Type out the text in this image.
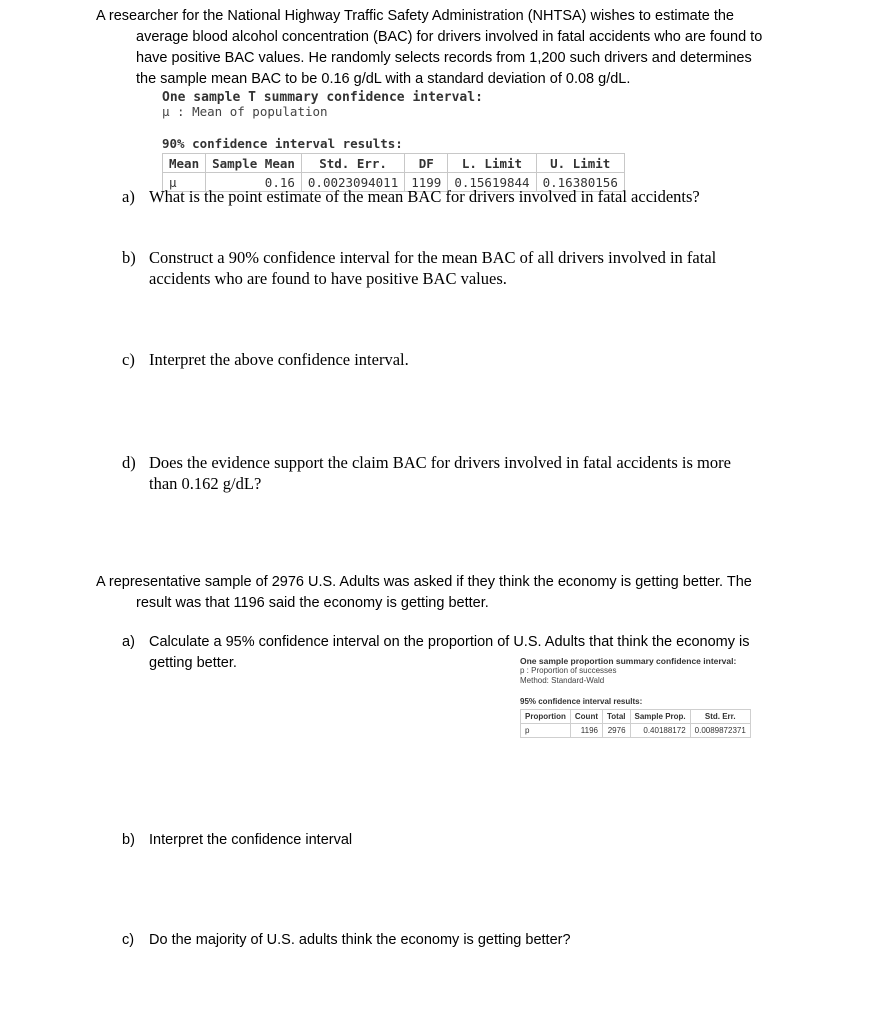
A researcher for the National Highway Traffic Safety Administration (NHTSA) wishes to estimate the

average blood alcohol concentration (BAC) for drivers involved in fatal accidents who are found to

have positive BAC values. He randomly selects records from 1,200 such drivers and determines

the sample mean BAC to be 0.16 g/dL with a standard deviation of 0.08 g/dL.

One sample T summary confidence interval:
μ : Mean of population
90% confidence interval results:
Mean	Sample Mean	Std. Err.	DF	L. Limit	U. Limit
μ	0.16	0.0023094011	1199	0.15619844	0.16380156
a) What is the point estimate of the mean BAC for drivers involved in fatal accidents?
b) Construct a 90% confidence interval for the mean BAC of all drivers involved in fatal
accidents who are found to have positive BAC values.
c) Interpret the above confidence interval.
d) Does the evidence support the claim BAC for drivers involved in fatal accidents is more
than 0.162 g/dL?

A representative sample of 2976 U.S. Adults was asked if they think the economy is getting better. The

result was that 1196 said the economy is getting better.

a) Calculate a 95% confidence interval on the proportion of U.S. Adults that think the economy is
getting better.	One sample proportion summary confidence interval:
p : Proportion of successes
Method: Standard-Wald
95% confidence interval results:
Proportion	Count	Total	Sample Prop.	Std. Err.
p	1196	2976	0.40188172	0.0089872371
b) Interpret the confidence interval
c) Do the majority of U.S. adults think the economy is getting better?
